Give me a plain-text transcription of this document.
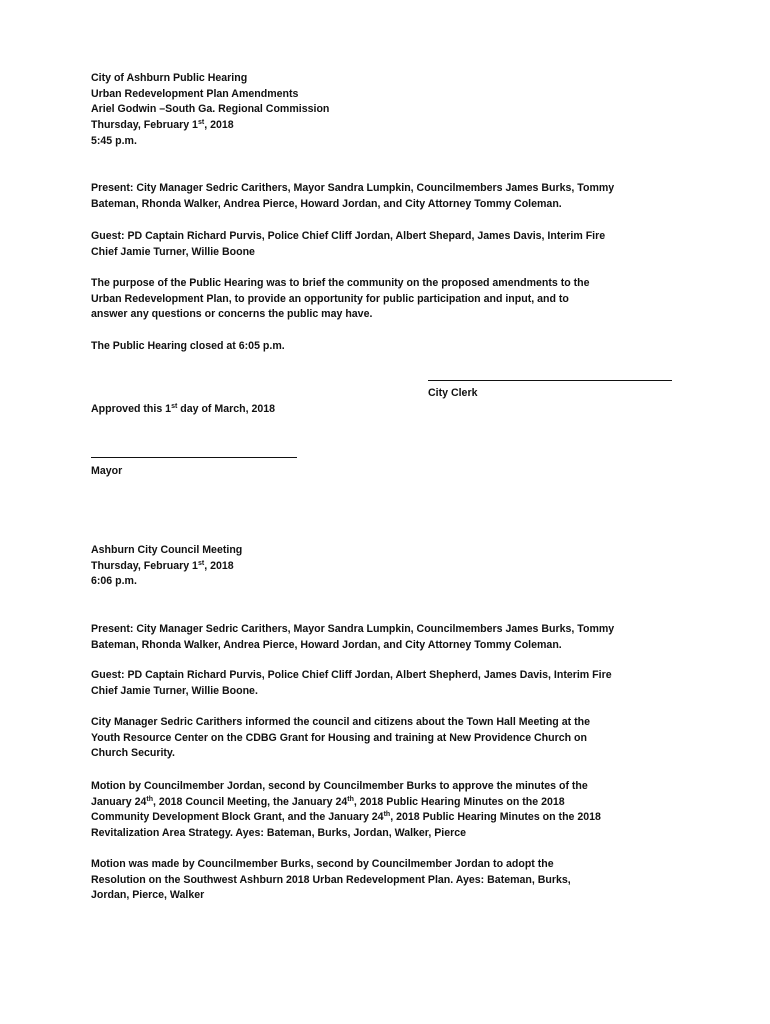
City of Ashburn Public Hearing
Urban Redevelopment Plan Amendments
Ariel Godwin –South Ga. Regional Commission
Thursday, February 1st, 2018
5:45 p.m.
Present: City Manager Sedric Carithers, Mayor Sandra Lumpkin, Councilmembers James Burks, Tommy
Bateman, Rhonda Walker, Andrea Pierce, Howard Jordan, and City Attorney Tommy Coleman.
Guest: PD Captain Richard Purvis, Police Chief Cliff Jordan, Albert Shepard, James Davis, Interim Fire
Chief Jamie Turner, Willie Boone
The purpose of the Public Hearing was to brief the community on the proposed amendments to the
Urban Redevelopment Plan, to provide an opportunity for public participation and input, and to
answer any questions or concerns the public may have.
The Public Hearing closed at 6:05 p.m.
City Clerk
Approved this 1st day of March, 2018
Mayor
Ashburn City Council Meeting
Thursday, February 1st, 2018
6:06 p.m.
Present: City Manager Sedric Carithers, Mayor Sandra Lumpkin, Councilmembers James Burks, Tommy
Bateman, Rhonda Walker, Andrea Pierce, Howard Jordan, and City Attorney Tommy Coleman.
Guest: PD Captain Richard Purvis, Police Chief Cliff Jordan, Albert Shepherd, James Davis, Interim Fire
Chief Jamie Turner, Willie Boone.
City Manager Sedric Carithers informed the council and citizens about the Town Hall Meeting at the
Youth Resource Center on the CDBG Grant for Housing and training at New Providence Church on
Church Security.
Motion by Councilmember Jordan, second by Councilmember Burks to approve the minutes of the
January 24th, 2018 Council Meeting, the January 24th, 2018 Public Hearing Minutes on the 2018
Community Development Block Grant, and the January 24th, 2018 Public Hearing Minutes on the 2018
Revitalization Area Strategy. Ayes: Bateman, Burks, Jordan, Walker, Pierce
Motion was made by Councilmember Burks, second by Councilmember Jordan to adopt the
Resolution on the Southwest Ashburn 2018 Urban Redevelopment Plan. Ayes: Bateman, Burks,
Jordan, Pierce, Walker
